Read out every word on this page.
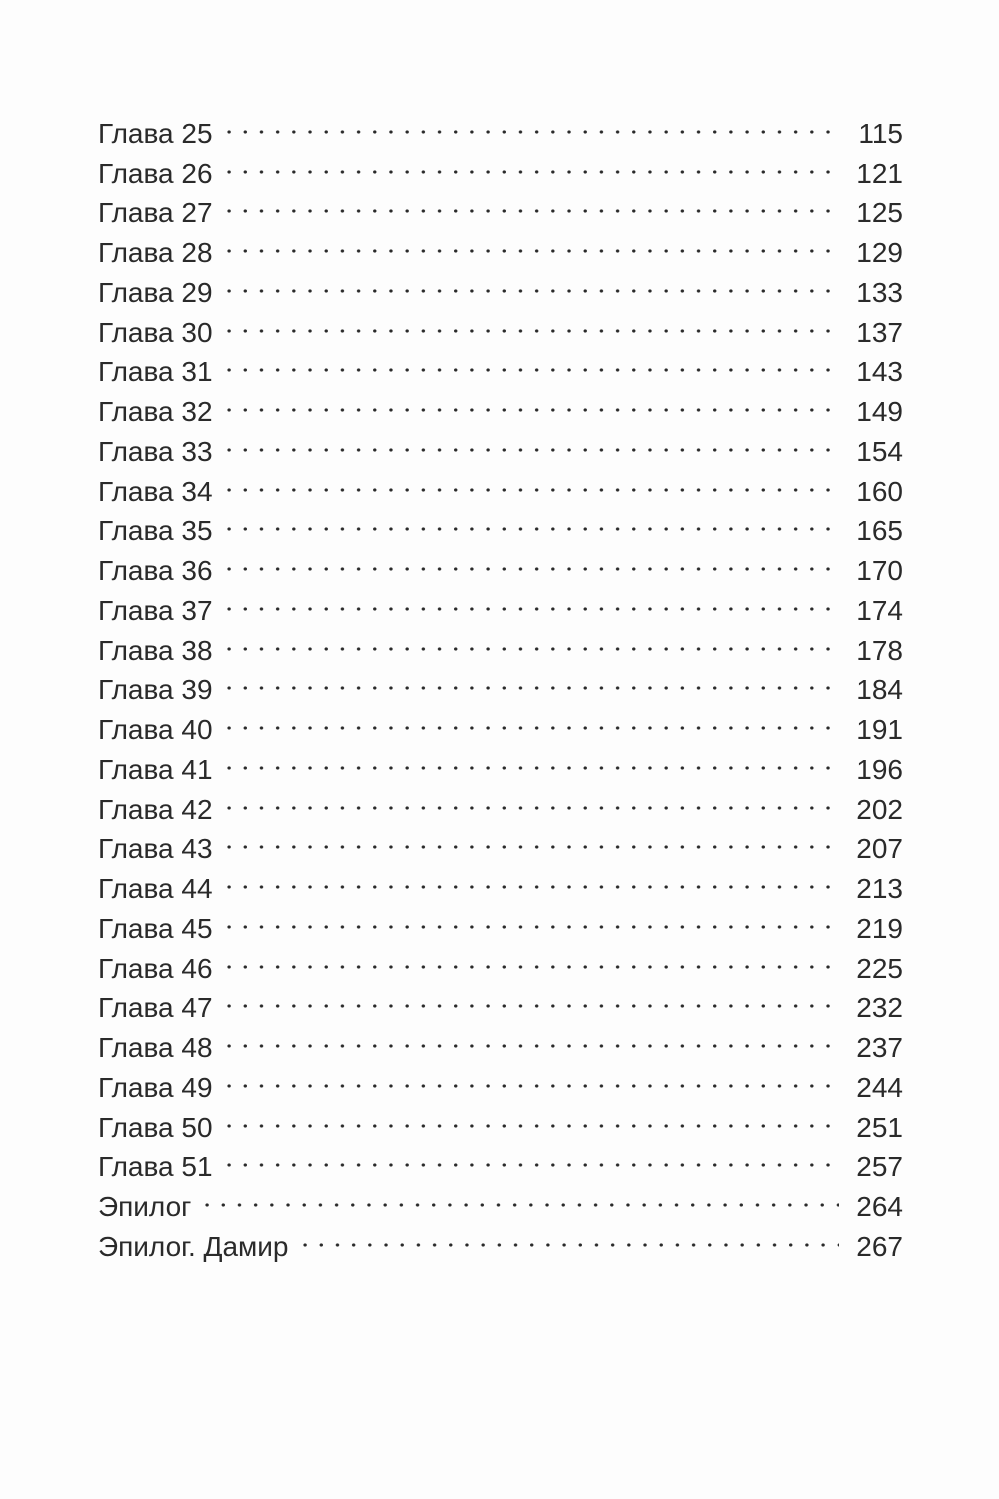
Глава 25	115
Глава 26	121
Глава 27	125
Глава 28	129
Глава 29	133
Глава 30	137
Глава 31	143
Глава 32	149
Глава 33	154
Глава 34	160
Глава 35	165
Глава 36	170
Глава 37	174
Глава 38	178
Глава 39	184
Глава 40	191
Глава 41	196
Глава 42	202
Глава 43	207
Глава 44	213
Глава 45	219
Глава 46	225
Глава 47	232
Глава 48	237
Глава 49	244
Глава 50	251
Глава 51	257
Эпилог	264
Эпилог. Дамир	267
